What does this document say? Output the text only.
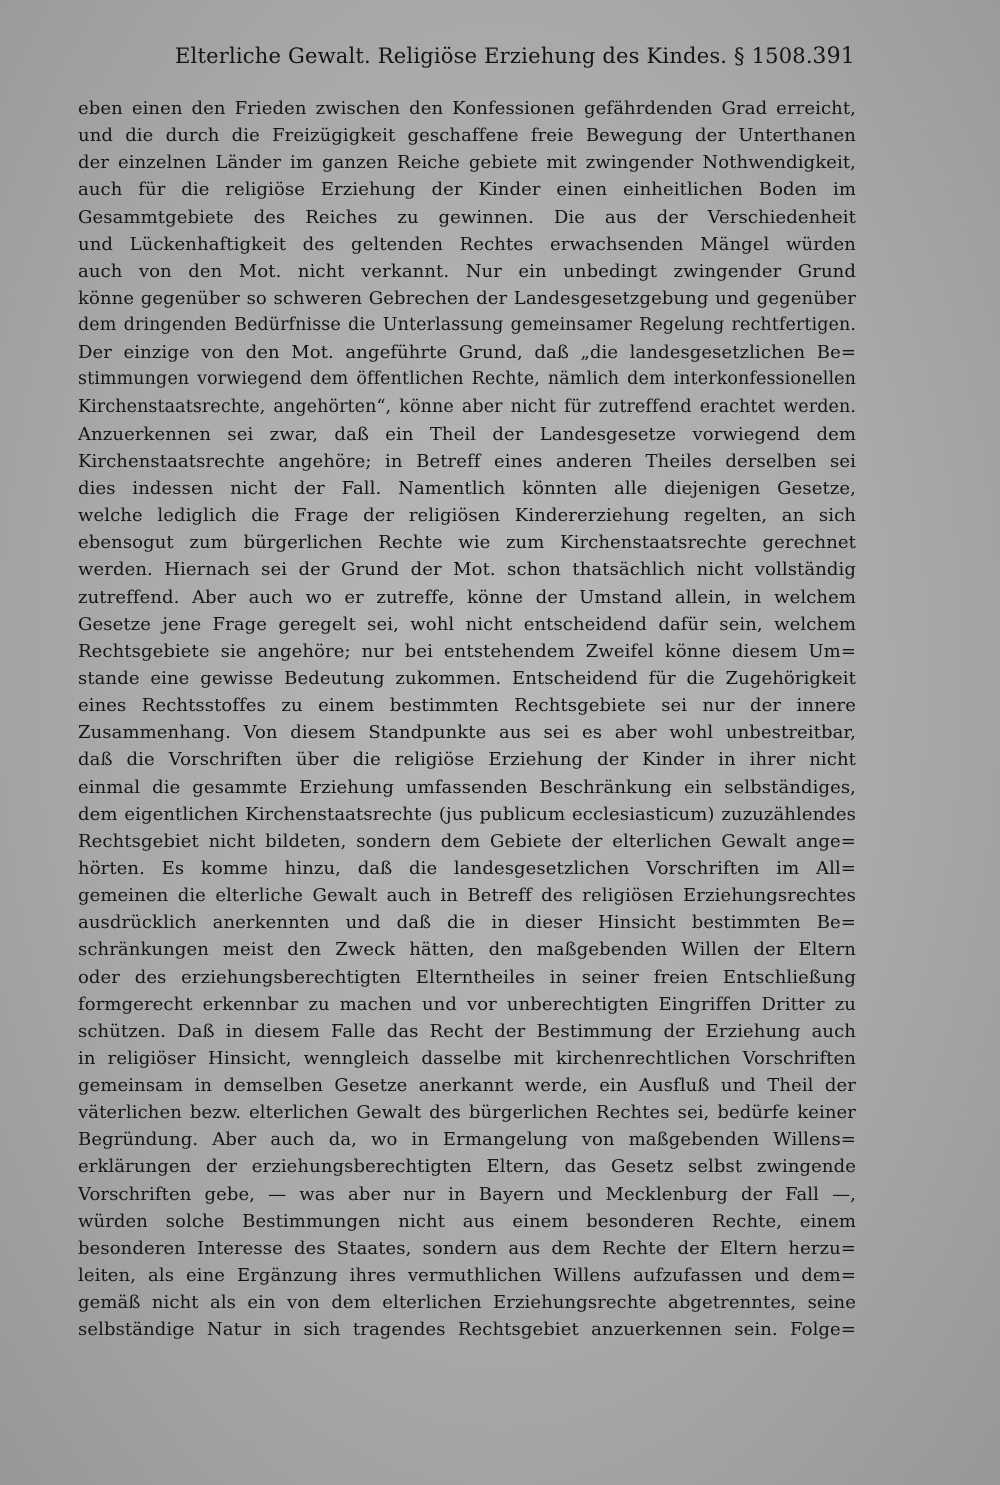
Elterliche Gewalt. Religiöse Erziehung des Kindes. § 1508. 391
eben einen den Frieden zwischen den Konfessionen gefährdenden Grad erreicht,
und die durch die Freizügigkeit geschaffene freie Bewegung der Unterthanen
der einzelnen Länder im ganzen Reiche gebiete mit zwingender Nothwendigkeit,
auch für die religiöse Erziehung der Kinder einen einheitlichen Boden im
Gesammtgebiete des Reiches zu gewinnen. Die aus der Verschiedenheit
und Lückenhaftigkeit des geltenden Rechtes erwachsenden Mängel würden
auch von den Mot. nicht verkannt. Nur ein unbedingt zwingender Grund
könne gegenüber so schweren Gebrechen der Landesgesetzgebung und gegenüber
dem dringenden Bedürfnisse die Unterlassung gemeinsamer Regelung rechtfertigen.
Der einzige von den Mot. angeführte Grund, daß „die landesgesetzlichen Be=
stimmungen vorwiegend dem öffentlichen Rechte, nämlich dem interkonfessionellen
Kirchenstaatsrechte, angehörten“, könne aber nicht für zutreffend erachtet werden.
Anzuerkennen sei zwar, daß ein Theil der Landesgesetze vorwiegend dem
Kirchenstaatsrechte angehöre; in Betreff eines anderen Theiles derselben sei
dies indessen nicht der Fall. Namentlich könnten alle diejenigen Gesetze,
welche lediglich die Frage der religiösen Kindererziehung regelten, an sich
ebensogut zum bürgerlichen Rechte wie zum Kirchenstaatsrechte gerechnet
werden. Hiernach sei der Grund der Mot. schon thatsächlich nicht vollständig
zutreffend. Aber auch wo er zutreffe, könne der Umstand allein, in welchem
Gesetze jene Frage geregelt sei, wohl nicht entscheidend dafür sein, welchem
Rechtsgebiete sie angehöre; nur bei entstehendem Zweifel könne diesem Um=
stande eine gewisse Bedeutung zukommen. Entscheidend für die Zugehörigkeit
eines Rechtsstoffes zu einem bestimmten Rechtsgebiete sei nur der innere
Zusammenhang. Von diesem Standpunkte aus sei es aber wohl unbestreitbar,
daß die Vorschriften über die religiöse Erziehung der Kinder in ihrer nicht
einmal die gesammte Erziehung umfassenden Beschränkung ein selbständiges,
dem eigentlichen Kirchenstaatsrechte (jus publicum ecclesiasticum) zuzuzählendes
Rechtsgebiet nicht bildeten, sondern dem Gebiete der elterlichen Gewalt ange=
hörten. Es komme hinzu, daß die landesgesetzlichen Vorschriften im All=
gemeinen die elterliche Gewalt auch in Betreff des religiösen Erziehungsrechtes
ausdrücklich anerkennten und daß die in dieser Hinsicht bestimmten Be=
schränkungen meist den Zweck hätten, den maßgebenden Willen der Eltern
oder des erziehungsberechtigten Elterntheiles in seiner freien Entschließung
formgerecht erkennbar zu machen und vor unberechtigten Eingriffen Dritter zu
schützen. Daß in diesem Falle das Recht der Bestimmung der Erziehung auch
in religiöser Hinsicht, wenngleich dasselbe mit kirchenrechtlichen Vorschriften
gemeinsam in demselben Gesetze anerkannt werde, ein Ausfluß und Theil der
väterlichen bezw. elterlichen Gewalt des bürgerlichen Rechtes sei, bedürfe keiner
Begründung. Aber auch da, wo in Ermangelung von maßgebenden Willens=
erklärungen der erziehungsberechtigten Eltern, das Gesetz selbst zwingende
Vorschriften gebe, — was aber nur in Bayern und Mecklenburg der Fall —,
würden solche Bestimmungen nicht aus einem besonderen Rechte, einem
besonderen Interesse des Staates, sondern aus dem Rechte der Eltern herzu=
leiten, als eine Ergänzung ihres vermuthlichen Willens aufzufassen und dem=
gemäß nicht als ein von dem elterlichen Erziehungsrechte abgetrenntes, seine
selbständige Natur in sich tragendes Rechtsgebiet anzuerkennen sein. Folge=
